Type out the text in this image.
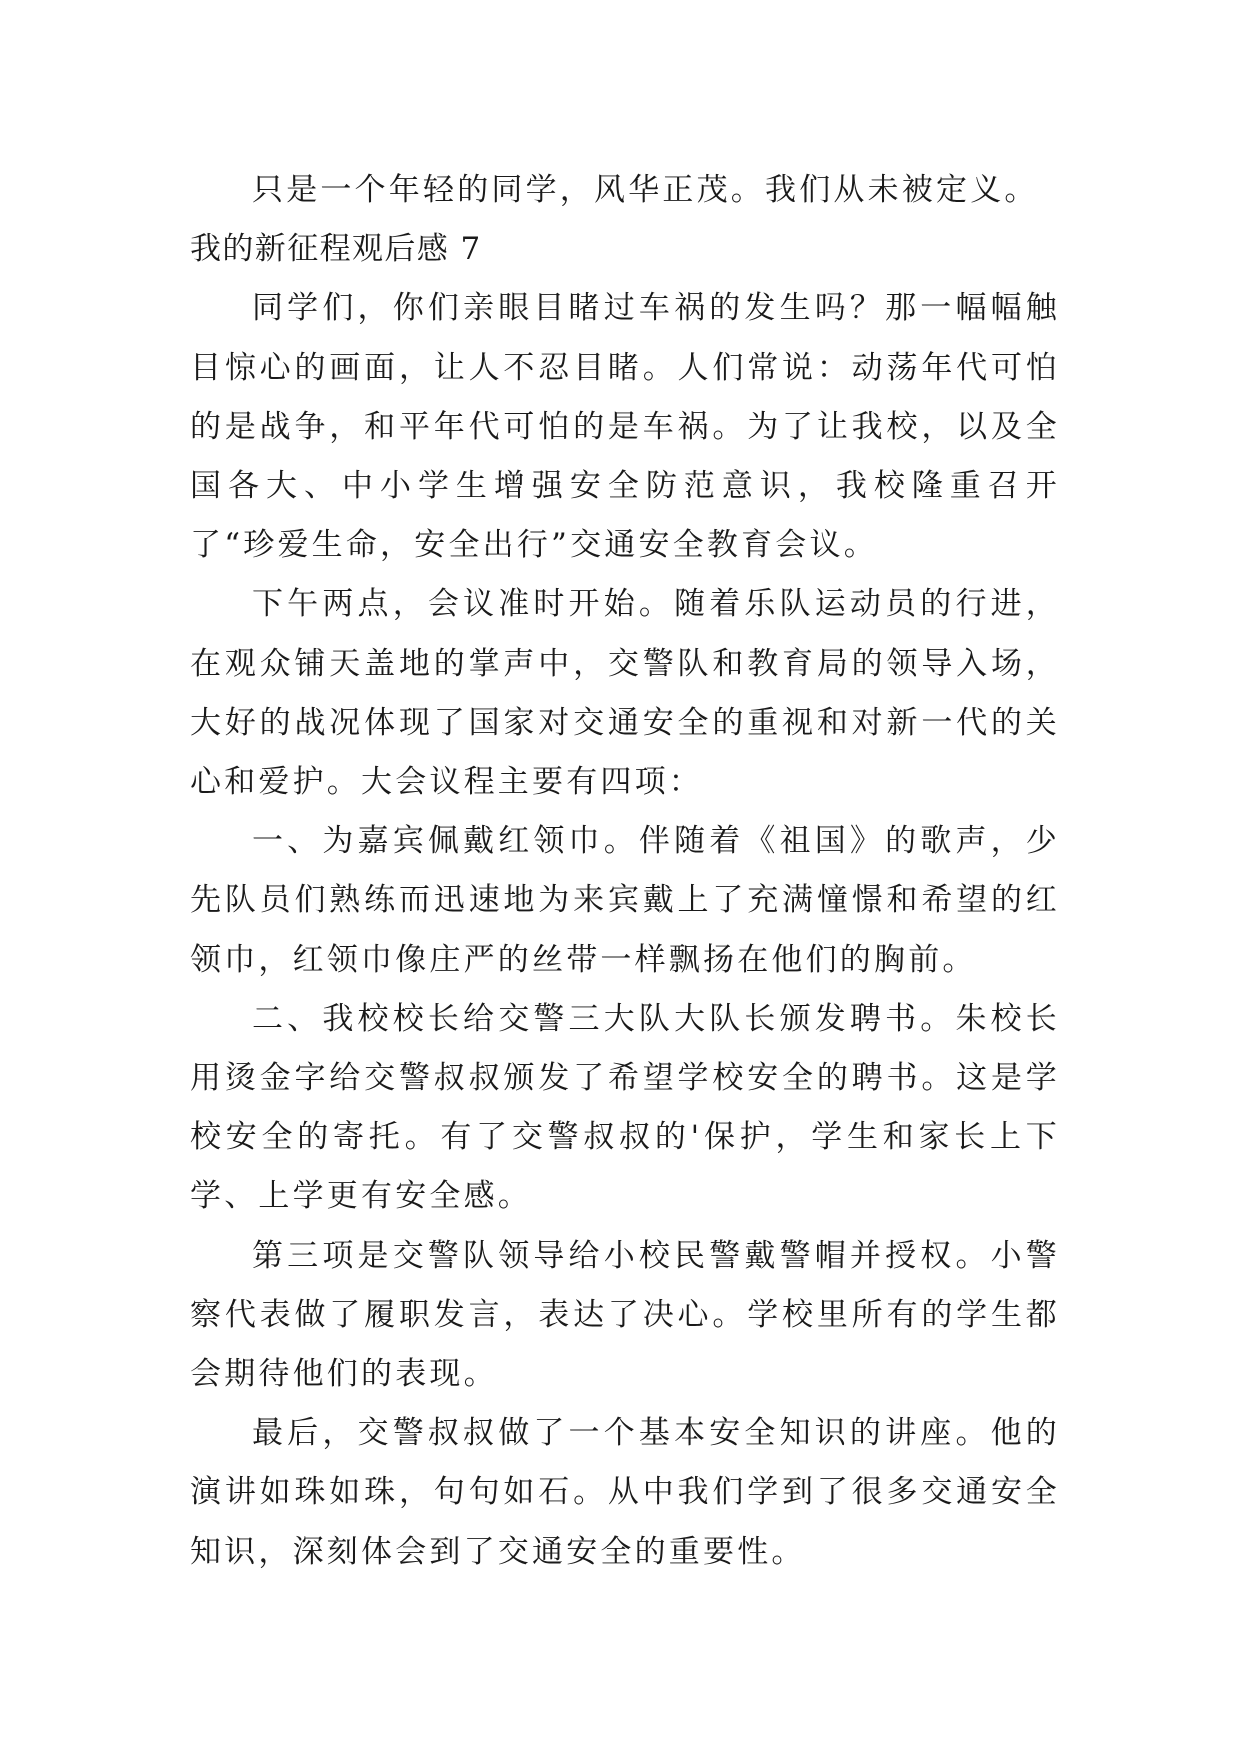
只是一个年轻的同学，风华正茂。我们从未被定义。

我的新征程观后感 7

同学们，你们亲眼目睹过车祸的发生吗？那一幅幅触目惊心的画面，让人不忍目睹。人们常说：动荡年代可怕的是战争，和平年代可怕的是车祸。为了让我校，以及全国各大、中小学生增强安全防范意识，我校隆重召开了“珍爱生命，安全出行”交通安全教育会议。

下午两点，会议准时开始。随着乐队运动员的行进，在观众铺天盖地的掌声中，交警队和教育局的领导入场，大好的战况体现了国家对交通安全的重视和对新一代的关心和爱护。大会议程主要有四项：

一、为嘉宾佩戴红领巾。伴随着《祖国》的歌声，少先队员们熟练而迅速地为来宾戴上了充满憧憬和希望的红领巾，红领巾像庄严的丝带一样飘扬在他们的胸前。

二、我校校长给交警三大队大队长颁发聘书。朱校长用烫金字给交警叔叔颁发了希望学校安全的聘书。这是学校安全的寄托。有了交警叔叔的'保护，学生和家长上下学、上学更有安全感。

第三项是交警队领导给小校民警戴警帽并授权。小警察代表做了履职发言，表达了决心。学校里所有的学生都会期待他们的表现。

最后，交警叔叔做了一个基本安全知识的讲座。他的演讲如珠如珠，句句如石。从中我们学到了很多交通安全知识，深刻体会到了交通安全的重要性。
